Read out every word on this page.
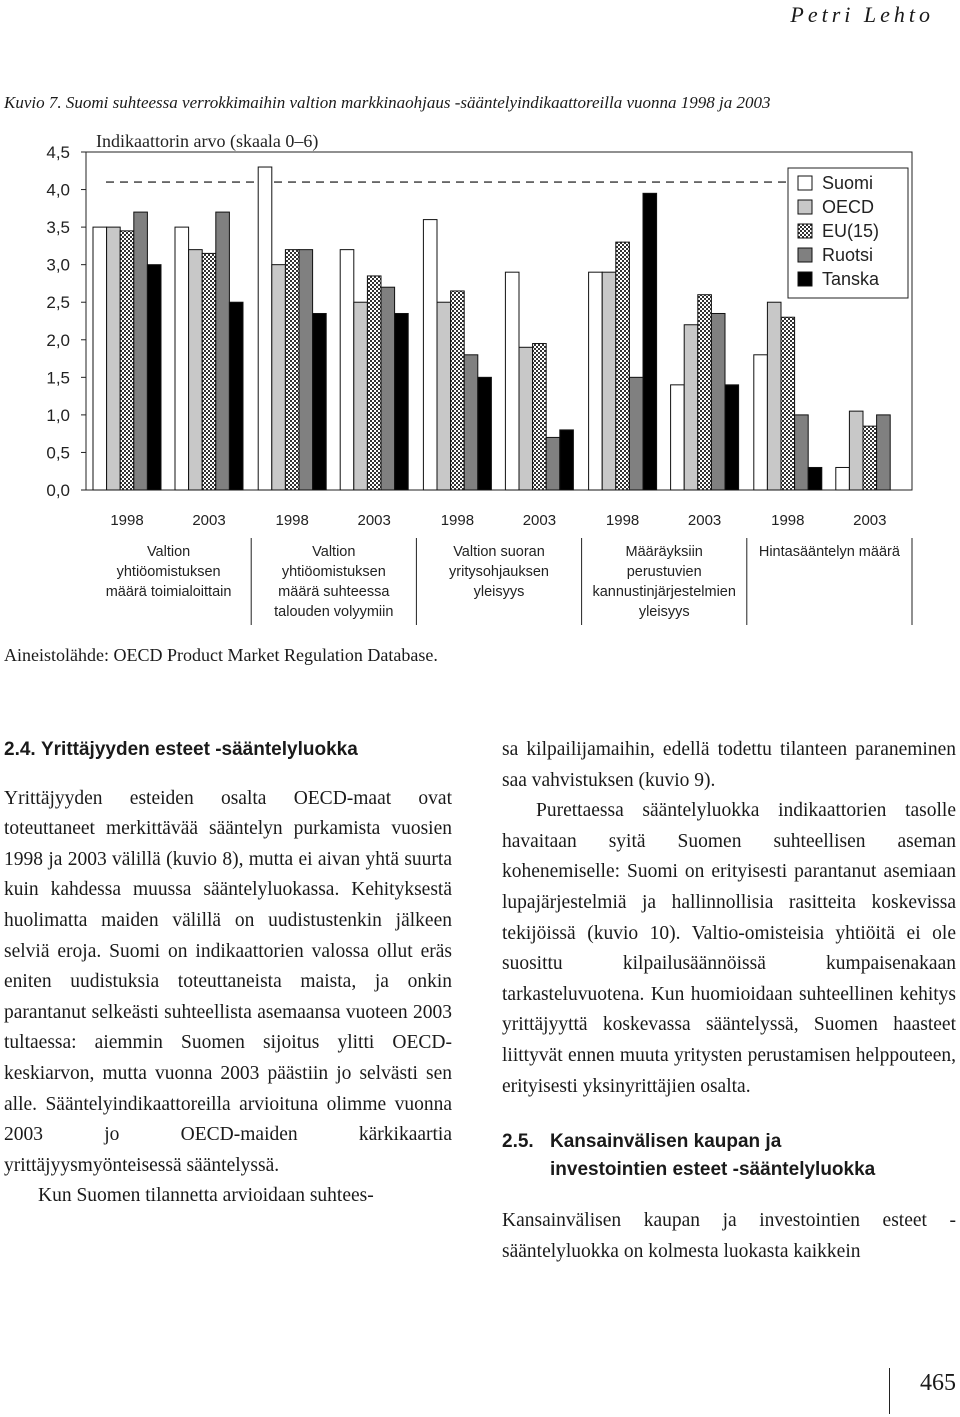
Petri Lehto
Kuvio 7. Suomi suhteessa verrokkimaihin valtion markkinaohjaus -sääntelyindikaattoreilla vuonna 1998 ja 2003
0,0
0,5
1,0
1,5
2,0
2,5
3,0
3,5
4,0
4,5
Indikaattorin arvo (skaala 0–6)
1998	2003
Valtion
yhtiöomistuksen
määrä toimialoittain
1998	2003
Valtion
yhtiöomistuksen
määrä suhteessa
talouden volyymiin
1998	2003
Valtion suoran
yritysohjauksen
yleisyys
1998	2003
Määräyksiin
perustuvien
kannustinjärjestelmien
yleisyys
1998	2003
Hintasääntelyn määrä
Suomi
OECD
EU(15)
Ruotsi
Tanska
Aineistolähde: OECD Product Market Regulation Database.
2.4. Yrittäjyyden esteet -sääntelyluokka

Yrittäjyyden esteiden osalta OECD-maat ovat toteuttaneet merkittävää sääntelyn purkamista vuosien 1998 ja 2003 välillä (kuvio 8), mutta ei aivan yhtä suurta kuin kahdessa muussa sääntelyluokassa. Kehityksestä huolimatta maiden välillä on uudistustenkin jälkeen selviä eroja. Suomi on indikaattorien valossa ollut eräs eniten uudistuksia toteuttaneista maista, ja onkin parantanut selkeästi suhteellista asemaansa vuoteen 2003 tultaessa: aiemmin Suomen sijoitus ylitti OECD-keskiarvon, mutta vuonna 2003 päästiin jo selvästi sen alle. Sääntelyindikaattoreilla arvioituna olimme vuonna 2003 jo OECD-maiden kärkikaartia yrittäjyysmyönteisessä sääntelyssä.

Kun Suomen tilannetta arvioidaan suhtees-

sa kilpailijamaihin, edellä todettu tilanteen paraneminen saa vahvistuksen (kuvio 9).

Purettaessa sääntelyluokka indikaattorien tasolle havaitaan syitä Suomen suhteellisen aseman kohenemiselle: Suomi on erityisesti parantanut asemiaan lupajärjestelmiä ja hallinnollisia rasitteita koskevissa tekijöissä (kuvio 10). Valtio-omisteisia yhtiöitä ei ole suosittu kilpailusäännöissä kumpaisenakaan tarkasteluvuotena. Kun huomioidaan suhteellinen kehitys yrittäjyyttä koskevassa sääntelyssä, Suomen haasteet liittyvät ennen muuta yritysten perustamisen helppouteen, erityisesti yksinyrittäjien osalta.

2.5. Kansainvälisen kaupan ja
investointien esteet -sääntelyluokka

Kansainvälisen kaupan ja investointien esteet -sääntelyluokka on kolmesta luokasta kaikkein

465
